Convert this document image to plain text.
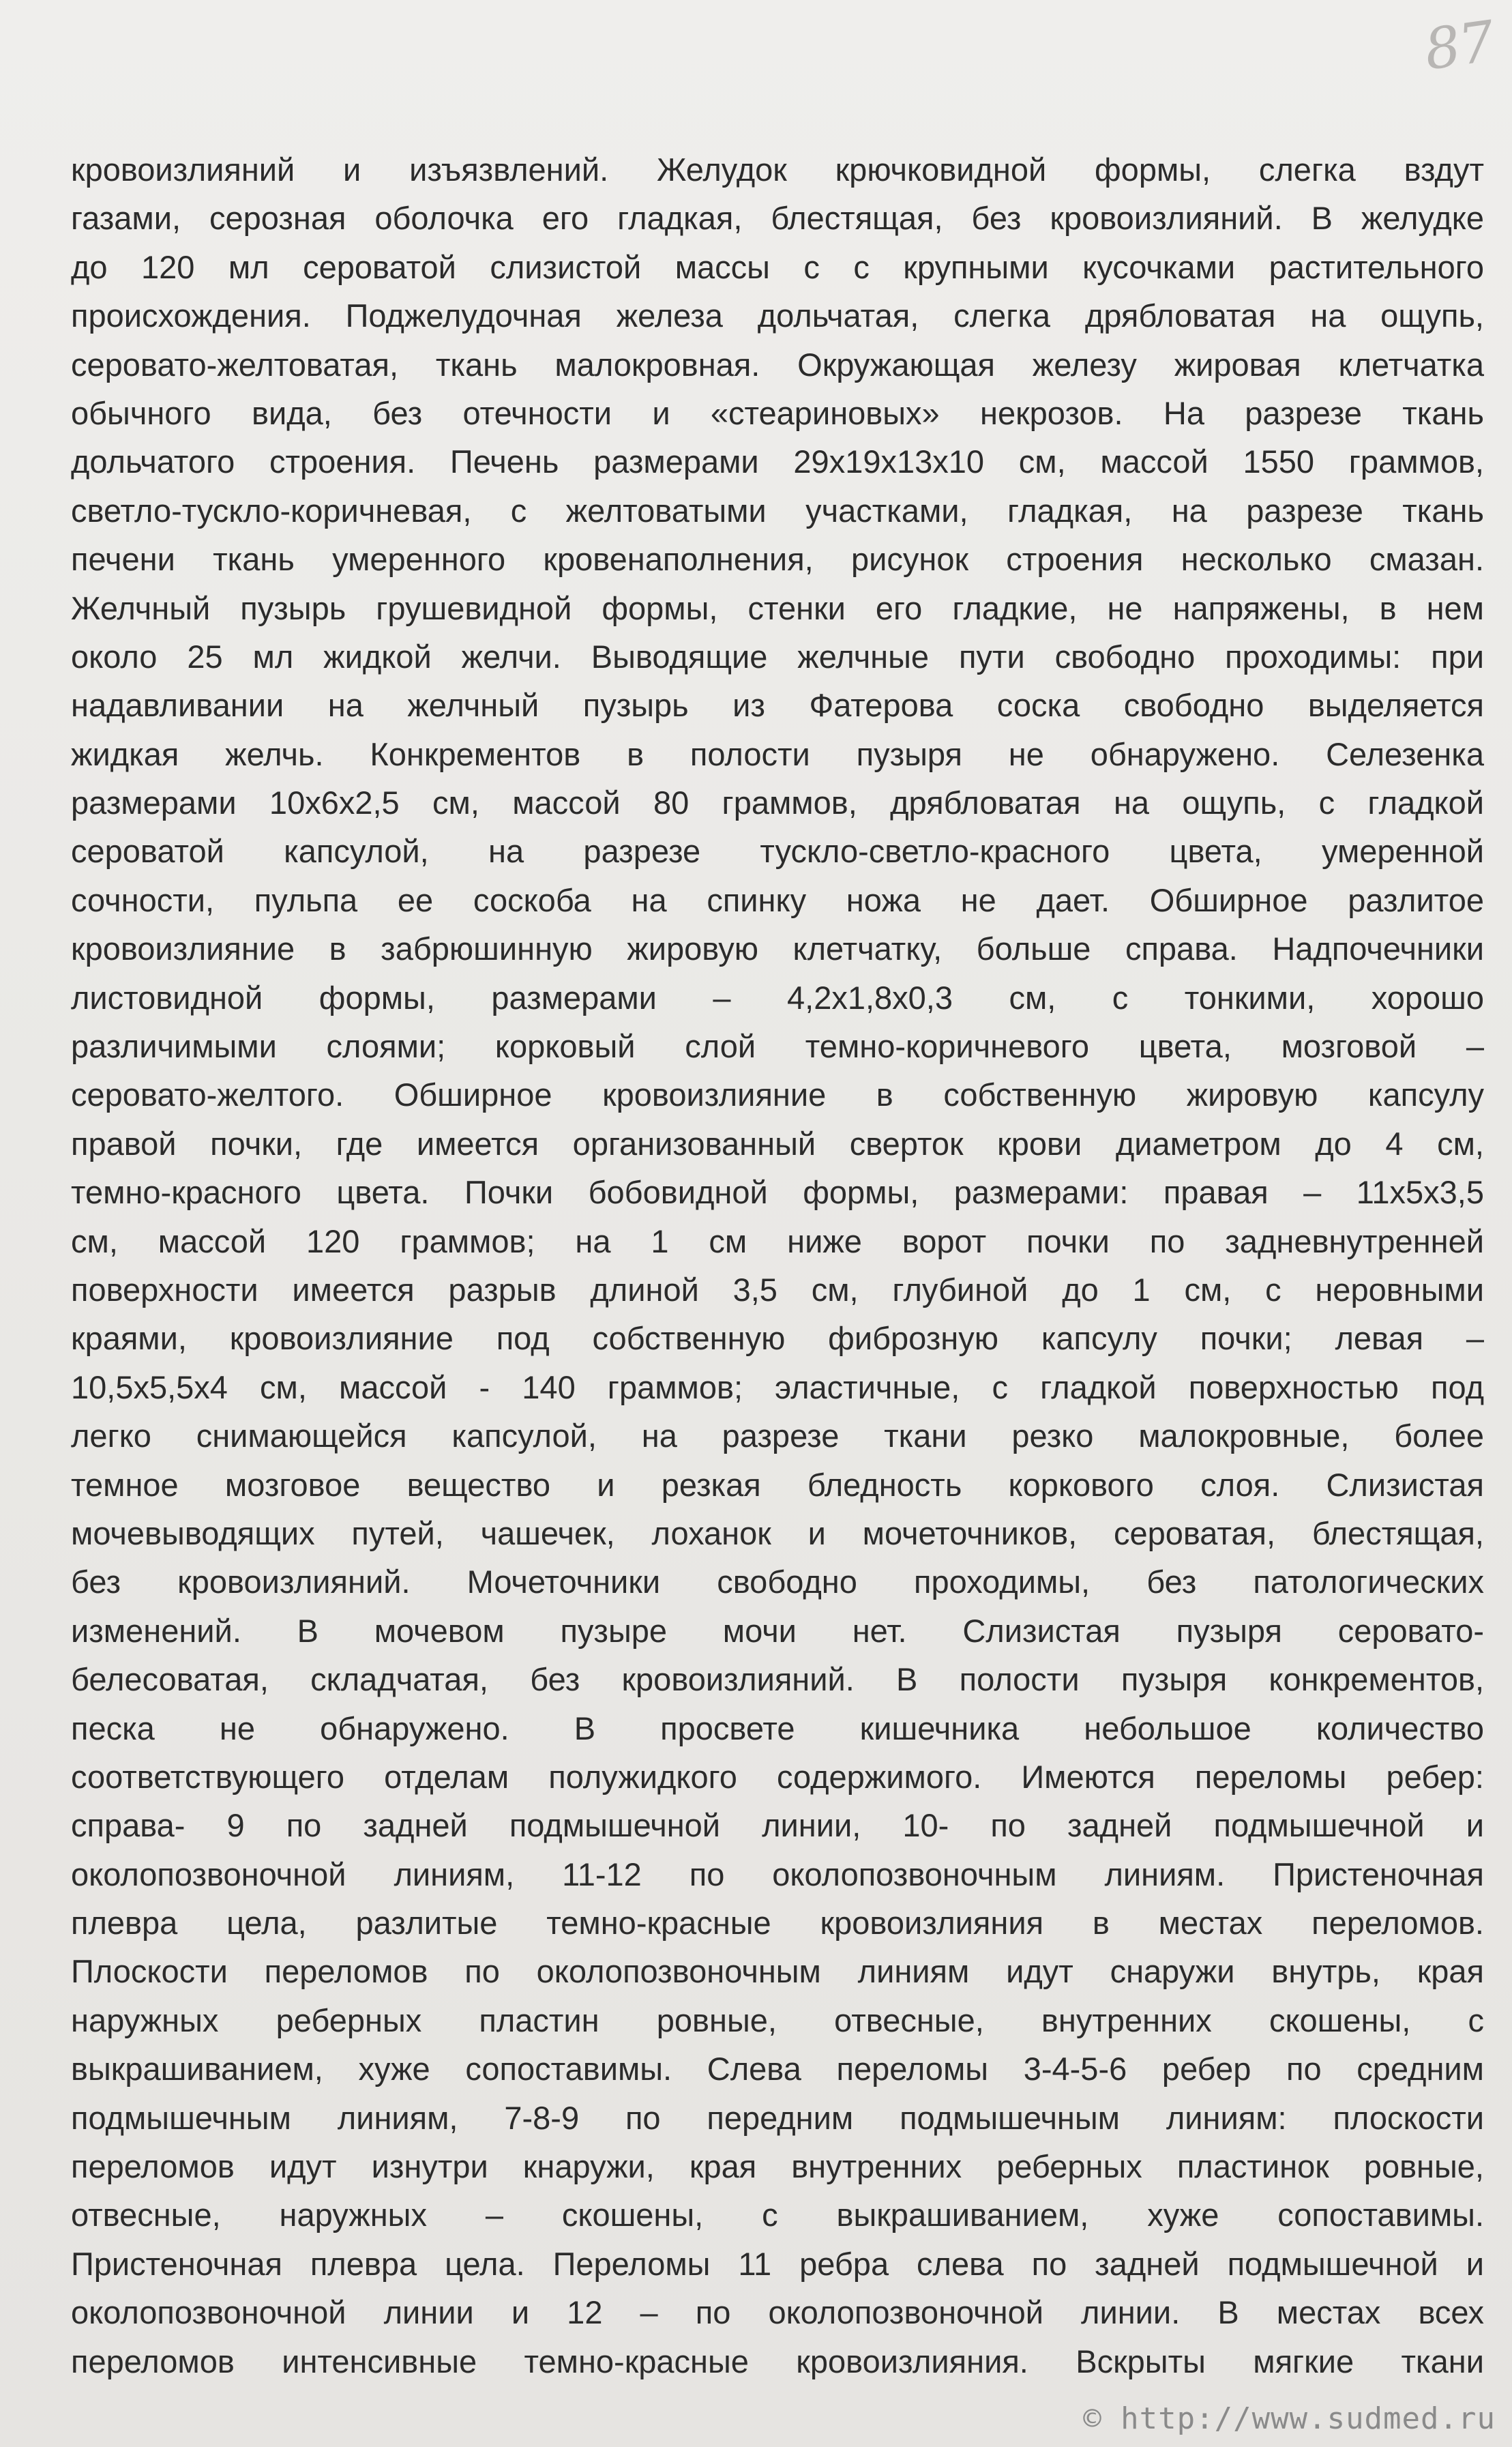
87
кровоизлияний и изъязвлений. Желудок крючковидной формы, слегка вздут
газами, серозная оболочка его гладкая, блестящая, без кровоизлияний. В желудке
до 120 мл сероватой слизистой массы с с крупными кусочками растительного
происхождения. Поджелудочная железа дольчатая, слегка дрябловатая на ощупь,
серовато-желтоватая, ткань малокровная. Окружающая железу жировая клетчатка
обычного вида, без отечности и «стеариновых» некрозов. На разрезе ткань
дольчатого строения. Печень размерами 29х19х13х10 см, массой 1550 граммов,
светло-тускло-коричневая, с желтоватыми участками, гладкая, на разрезе ткань
печени ткань умеренного кровенаполнения, рисунок строения несколько смазан.
Желчный пузырь грушевидной формы, стенки его гладкие, не напряжены, в нем
около 25 мл жидкой желчи. Выводящие желчные пути свободно проходимы: при
надавливании на желчный пузырь из Фатерова соска свободно выделяется
жидкая желчь. Конкрементов в полости пузыря не обнаружено. Селезенка
размерами 10х6х2,5 см, массой 80 граммов, дрябловатая на ощупь, с гладкой
сероватой капсулой, на разрезе тускло-светло-красного цвета, умеренной
сочности, пульпа ее соскоба на спинку ножа не дает. Обширное разлитое
кровоизлияние в забрюшинную жировую клетчатку, больше справа. Надпочечники
листовидной формы, размерами – 4,2х1,8х0,3 см, с тонкими, хорошо
различимыми слоями; корковый слой темно-коричневого цвета, мозговой –
серовато-желтого. Обширное кровоизлияние в собственную жировую капсулу
правой почки, где имеется организованный сверток крови диаметром до 4 см,
темно-красного цвета. Почки бобовидной формы, размерами: правая – 11х5х3,5
см, массой 120 граммов; на 1 см ниже ворот почки по задневнутренней
поверхности имеется разрыв длиной 3,5 см, глубиной до 1 см, с неровными
краями, кровоизлияние под собственную фиброзную капсулу почки; левая –
10,5х5,5х4 см, массой - 140 граммов; эластичные, с гладкой поверхностью под
легко снимающейся капсулой, на разрезе ткани резко малокровные, более
темное мозговое вещество и резкая бледность коркового слоя. Слизистая
мочевыводящих путей, чашечек, лоханок и мочеточников, сероватая, блестящая,
без кровоизлияний. Мочеточники свободно проходимы, без патологических
изменений. В мочевом пузыре мочи нет. Слизистая пузыря серовато-
белесоватая, складчатая, без кровоизлияний. В полости пузыря конкрементов,
песка не обнаружено. В просвете кишечника небольшое количество
соответствующего отделам полужидкого содержимого. Имеются переломы ребер:
справа- 9 по задней подмышечной линии, 10- по задней подмышечной и
околопозвоночной линиям, 11-12 по околопозвоночным линиям. Пристеночная
плевра цела, разлитые темно-красные кровоизлияния в местах переломов.
Плоскости переломов по околопозвоночным линиям идут снаружи внутрь, края
наружных реберных пластин ровные, отвесные, внутренних скошены, с
выкрашиванием, хуже сопоставимы. Слева переломы 3-4-5-6 ребер по средним
подмышечным линиям, 7-8-9 по передним подмышечным линиям: плоскости
переломов идут изнутри кнаружи, края внутренних реберных пластинок ровные,
отвесные, наружных – скошены, с выкрашиванием, хуже сопоставимы.
Пристеночная плевра цела. Переломы 11 ребра слева по задней подмышечной и
околопозвоночной линии и 12 – по околопозвоночной линии. В местах всех
переломов интенсивные темно-красные кровоизлияния. Вскрыты мягкие ткани
© http://www.sudmed.ru
